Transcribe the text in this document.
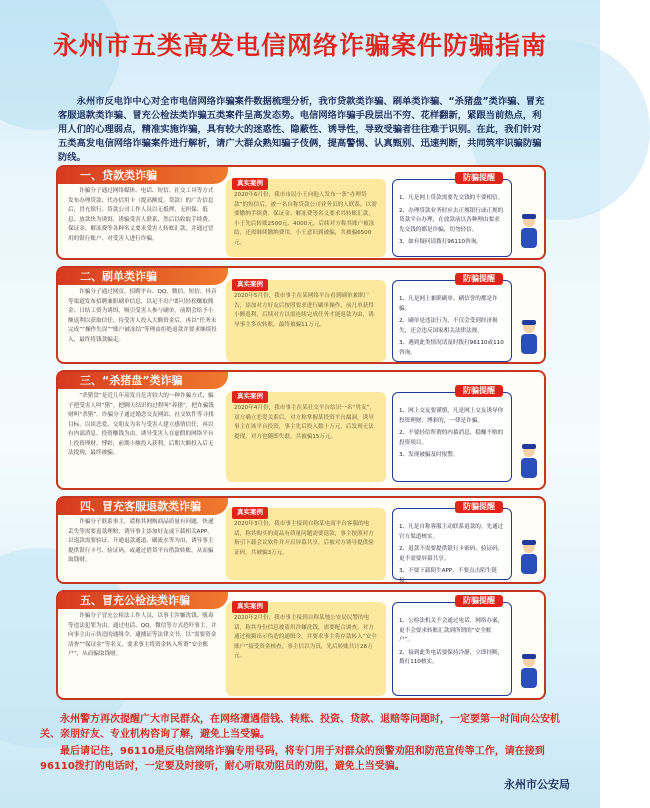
永州市五类高发电信网络诈骗案件防骗指南
永州市反电诈中心对全市电信网络诈骗案件数据梳理分析，我市贷款类诈骗、刷单类诈骗、“杀猪盘”类诈骗、冒充客服退款类诈骗、冒充公检法类诈骗五类案件呈高发态势。电信网络诈骗手段层出不穷、花样翻新，紧跟当前热点，利用人们的心理弱点，精准实施诈骗，具有较大的迷惑性、隐蔽性、诱导性，导致受骗者往往难于识别。在此，我们针对五类高发电信网络诈骗案件进行解析，请广大群众熟知骗子伎俩，提高警惕、认真甄别、迅速判断，共同筑牢识骗防骗防线。
一、贷款类诈骗
诈骗分子通过网络媒体、电话、短信、社交工具等方式发布办理贷款、代办信用卡（提高额度、贷款）的广告信息后，冒充银行、贷款公司工作人员以无抵押、无担保、低息、放款快为诱饵，诱骗受害人联系，然后以收取手续费、保证金、解冻费等各种名义要求受害人转账汇款，并通过冒用的银行账户、对受害人进行诈骗。
真实案例
2020年6月份，我市市民小王向他人发布一条“办理贷款”的短信后，被一名自称贷款公司业务员的人联系，以需要缴纳手续费、保证金、解冻费等名义要求其转账汇款，小王先后转账2500元、4000元，后续对方称其账户被冻结，还需继续缴纳费用，小王意识到被骗，共被骗6500元。
防骗提醒

1、凡是网上贷款需要先交钱的不要相信。

2、办理贷款业务时应去正规银行或正规的贷款平台办理，在放款前以各种理由要求先交钱的都是诈骗，切勿轻信。

3、如有疑问请拨打96110咨询。

二、刷单类诈骗
诈骗分子通过网页、招聘平台、QQ、微信、短信、抖音等渠道发布招聘兼职刷单信息，以足不出户即可轻松赚取佣金、日结工资为诱饵，吸引受害人参与刷单。前期会给予小额返利以获取信任，待受害人投入大额资金后，再以“任务未完成”“操作失误”“账户被冻结”等理由拒绝返款并要求继续投入，最终将钱款骗走。
真实案例
2020年5月份，我市事主在某网络平台看到刷单兼职广告，添加对方好友后按照要求进行刷单操作，前几单获得小额返利，后续对方以需连续完成任务才能返款为由，诱导事主多次转账，最终被骗11万元。
防骗提醒

1、凡是网上兼职刷单、刷信誉的都是诈骗。

2、刷单是违法行为，不仅会受到经济损失，还会违反国家相关法律法规。

3、遇到此类情况请及时拨打96110或110咨询。

三、“杀猪盘”类诈骗
“杀猪盘”是近几年高发且危害较大的一种诈骗方式，骗子把受害人叫“猪”，把聊天结识的过程叫“养猪”，把诈骗钱财叫“杀猪”。诈骗分子通过婚恋交友网站、社交软件等寻找目标，以谈恋爱、交朋友为名与受害人建立感情信任，再以有内部消息、投资赚钱为由，诱导受害人在虚假的网络平台上投资理财、博彩，前期小额投入获利，后期大额投入后无法提现，最终被骗。
真实案例
2020年4月份，我市事主在某社交平台结识一名“男友”，双方确立恋爱关系后，对方称掌握某投资平台漏洞，诱导事主在该平台投资，事主先后投入数十万元，后发现无法提现，对方也随即失联，共被骗15万元。
防骗提醒

1、网上交友要谨慎，凡是网上交友诱导你投资理财、博彩的，一律是诈骗。

2、不要轻信所谓的内幕消息、稳赚不赔的投资项目。

3、发现被骗及时报警。

四、冒充客服退款类诈骗
诈骗分子联系事主，谎称其网购商品质量有问题、快递丢失等需要退款理赔，诱导事主添加好友或下载相关APP，以退款需要验证、开通退款通道、刷流水等为由，诱导事主提供银行卡号、验证码，或通过借贷平台借款转账，从而骗取钱财。
真实案例
2020年3月份，我市事主接到自称某电商平台客服的电话，称其购买的商品有质量问题需要退款，事主按照对方指引下载会议软件并开启屏幕共享，后被对方诱导提供验证码，共被骗3万元。
防骗提醒

1、凡是自称客服主动联系退款的，先通过官方渠道核实。

2、退款不需要提供银行卡密码、验证码，更不需要屏幕共享。

3、不要下载陌生APP，不要点击陌生链接。

五、冒充公检法类诈骗
诈骗分子冒充公检法工作人员，以事主涉嫌洗钱、贩毒等违法犯罪为由，通过电话、QQ、微信等方式恐吓事主，并向事主出示伪造的通缉令、逮捕证等法律文书，以“需要资金清查”“保证金”等名义，要求事主将资金转入所谓“安全账户”，从而骗取钱财。
真实案例
2020年2月份，我市事主接到自称某地公安局民警的电话，称其身份信息被盗用涉嫌洗钱，需要配合调查，对方通过视频出示伪造的通缉令，并要求事主将存款转入“安全账户”接受资金核查，事主信以为真，先后转账共计28万元。
防骗提醒

1、公检法机关不会通过电话、网络办案，更不会要求转账汇款到所谓的“安全账户”。

2、接到此类电话要保持冷静，立即挂断，拨打110核实。

永州警方再次提醒广大市民群众，在网络遭遇借钱、转账、投资、贷款、退赔等问题时，一定要第一时间向公安机关、亲朋好友、专业机构咨询了解，避免上当受骗。
最后请记住，96110是反电信网络诈骗专用号码，将专门用于对群众的预警劝阻和防范宣传等工作，请在接到96110拨打的电话时，一定要及时接听，耐心听取劝阻员的劝阻，避免上当受骗。
永州市公安局
